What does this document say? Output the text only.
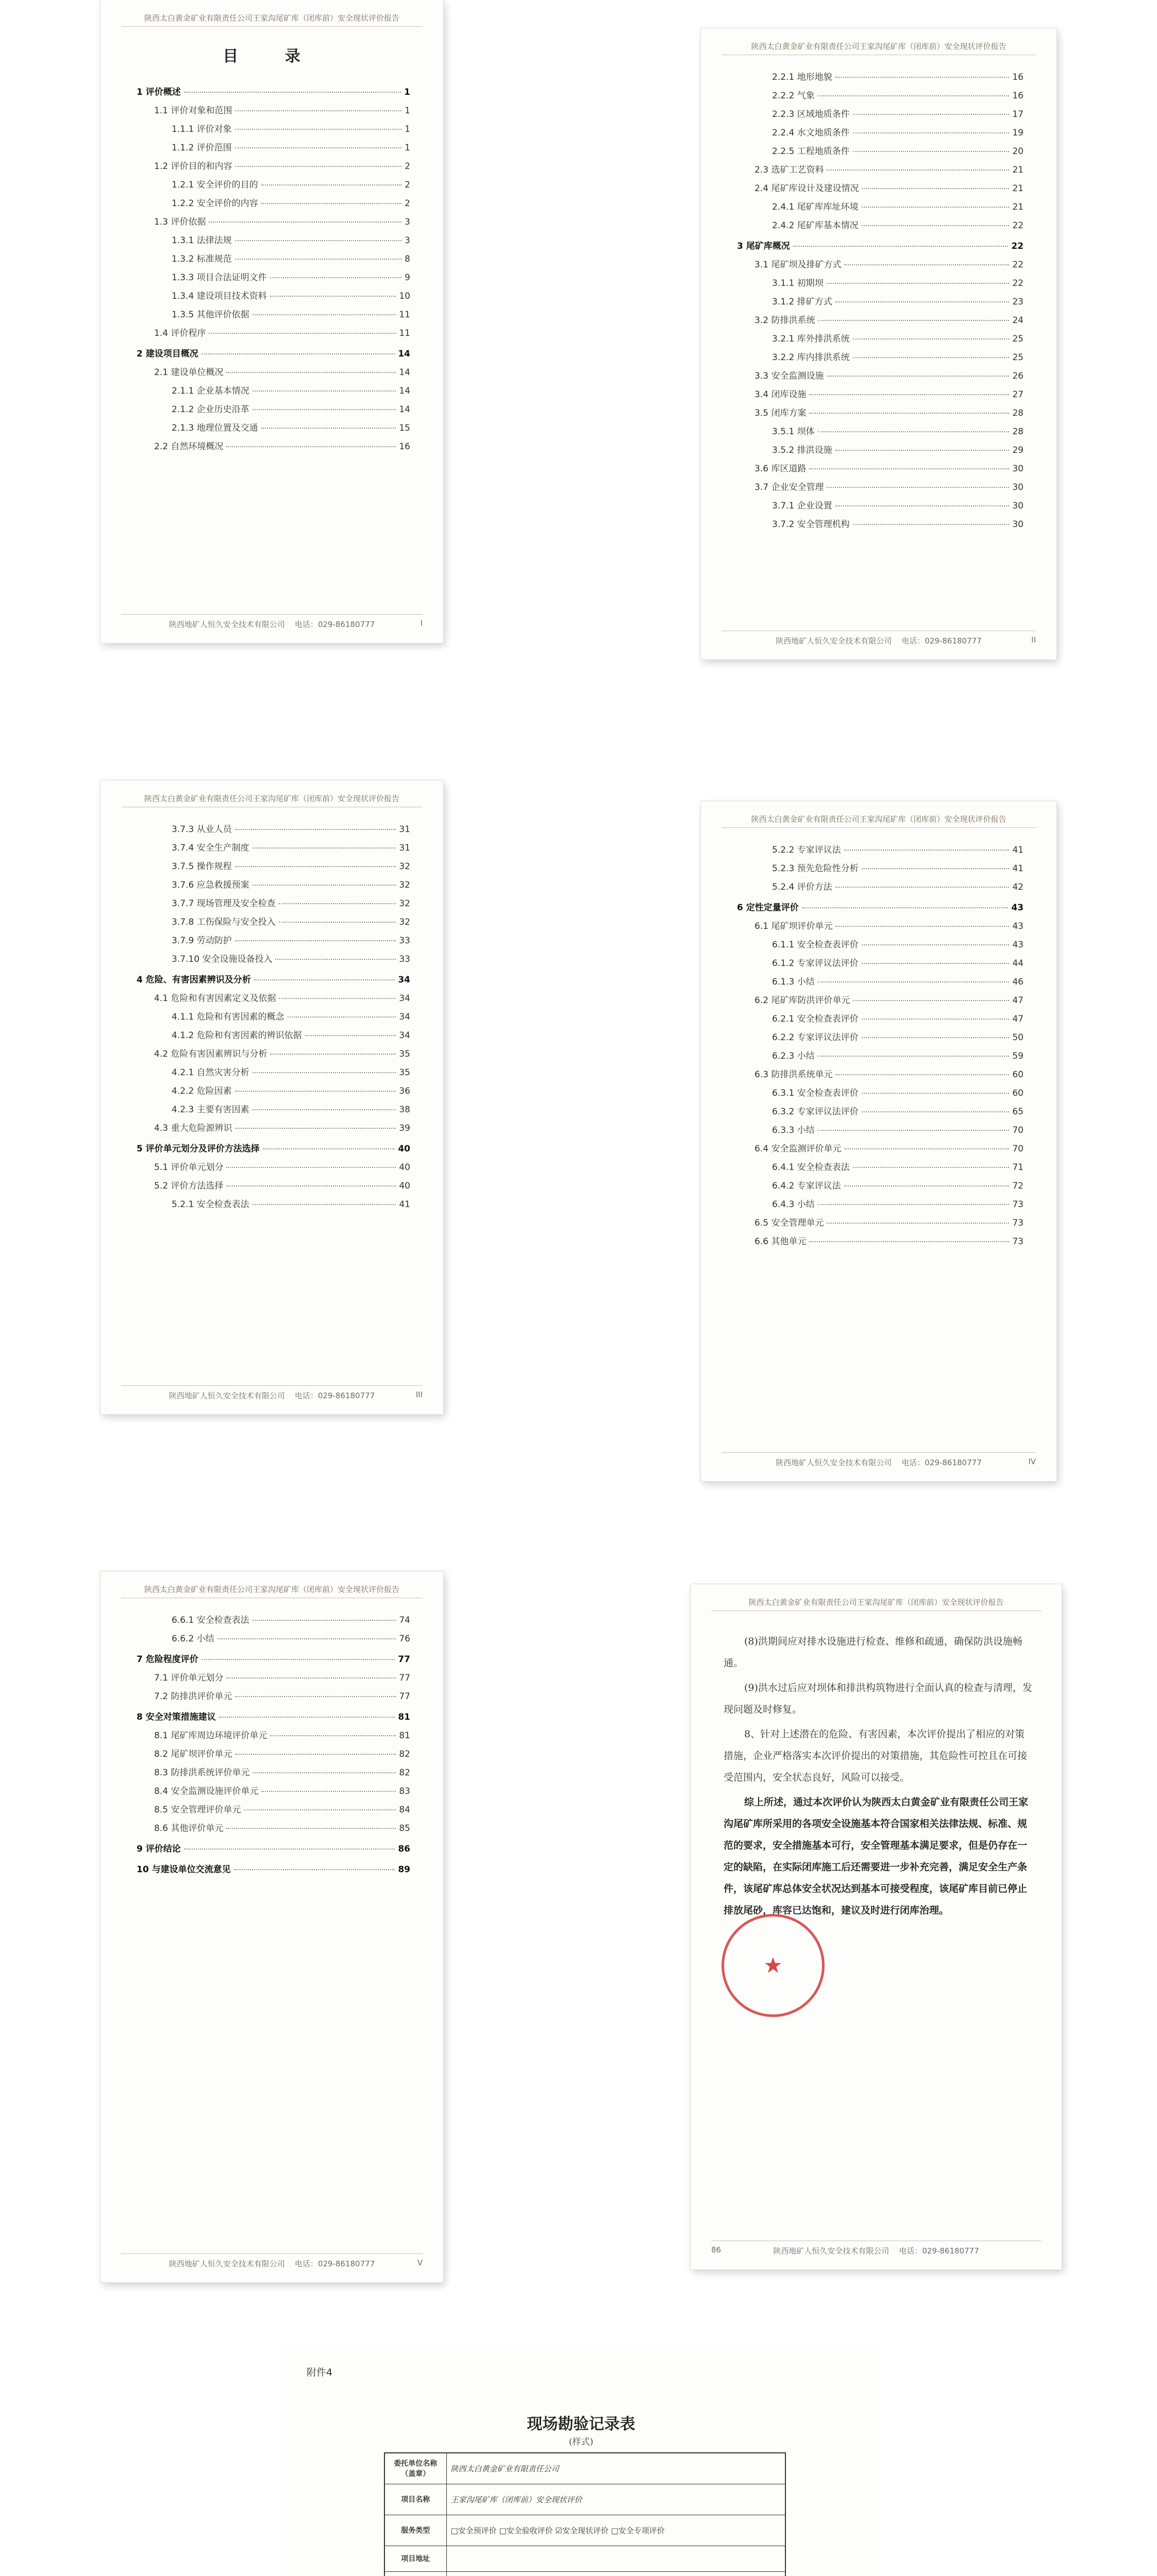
陕西太白黄金矿业有限责任公司王家沟尾矿库（闭库前）安全现状评价报告
目 录
1 评价概述	1
1.1 评价对象和范围	1
1.1.1 评价对象	1
1.1.2 评价范围	1
1.2 评价目的和内容	2
1.2.1 安全评价的目的	2
1.2.2 安全评价的内容	2
1.3 评价依据	3
1.3.1 法律法规	3
1.3.2 标准规范	8
1.3.3 项目合法证明文件	9
1.3.4 建设项目技术资料	10
1.3.5 其他评价依据	11
1.4 评价程序	11
2 建设项目概况	14
2.1 建设单位概况	14
2.1.1 企业基本情况	14
2.1.2 企业历史沿革	14
2.1.3 地理位置及交通	15
2.2 自然环境概况	16
陕西地矿人恒久安全技术有限公司 电话：029-86180777	I
陕西太白黄金矿业有限责任公司王家沟尾矿库（闭库前）安全现状评价报告
2.2.1 地形地貌	16
2.2.2 气象	16
2.2.3 区域地质条件	17
2.2.4 水文地质条件	19
2.2.5 工程地质条件	20
2.3 选矿工艺资料	21
2.4 尾矿库设计及建设情况	21
2.4.1 尾矿库库址环境	21
2.4.2 尾矿库基本情况	22
3 尾矿库概况	22
3.1 尾矿坝及排矿方式	22
3.1.1 初期坝	22
3.1.2 排矿方式	23
3.2 防排洪系统	24
3.2.1 库外排洪系统	25
3.2.2 库内排洪系统	25
3.3 安全监测设施	26
3.4 闭库设施	27
3.5 闭库方案	28
3.5.1 坝体	28
3.5.2 排洪设施	29
3.6 库区道路	30
3.7 企业安全管理	30
3.7.1 企业设置	30
3.7.2 安全管理机构	30
陕西地矿人恒久安全技术有限公司 电话：029-86180777	II
陕西太白黄金矿业有限责任公司王家沟尾矿库（闭库前）安全现状评价报告
3.7.3 从业人员	31
3.7.4 安全生产制度	31
3.7.5 操作规程	32
3.7.6 应急救援预案	32
3.7.7 现场管理及安全检查	32
3.7.8 工伤保险与安全投入	32
3.7.9 劳动防护	33
3.7.10 安全设施设备投入	33
4 危险、有害因素辨识及分析	34
4.1 危险和有害因素定义及依据	34
4.1.1 危险和有害因素的概念	34
4.1.2 危险和有害因素的辨识依据	34
4.2 危险有害因素辨识与分析	35
4.2.1 自然灾害分析	35
4.2.2 危险因素	36
4.2.3 主要有害因素	38
4.3 重大危险源辨识	39
5 评价单元划分及评价方法选择	40
5.1 评价单元划分	40
5.2 评价方法选择	40
5.2.1 安全检查表法	41
陕西地矿人恒久安全技术有限公司 电话：029-86180777	III
陕西太白黄金矿业有限责任公司王家沟尾矿库（闭库前）安全现状评价报告
5.2.2 专家评议法	41
5.2.3 预先危险性分析	41
5.2.4 评价方法	42
6 定性定量评价	43
6.1 尾矿坝评价单元	43
6.1.1 安全检查表评价	43
6.1.2 专家评议法评价	44
6.1.3 小结	46
6.2 尾矿库防洪评价单元	47
6.2.1 安全检查表评价	47
6.2.2 专家评议法评价	50
6.2.3 小结	59
6.3 防排洪系统单元	60
6.3.1 安全检查表评价	60
6.3.2 专家评议法评价	65
6.3.3 小结	70
6.4 安全监测评价单元	70
6.4.1 安全检查表法	71
6.4.2 专家评议法	72
6.4.3 小结	73
6.5 安全管理单元	73
6.6 其他单元	73
陕西地矿人恒久安全技术有限公司 电话：029-86180777	IV
陕西太白黄金矿业有限责任公司王家沟尾矿库（闭库前）安全现状评价报告
6.6.1 安全检查表法	74
6.6.2 小结	76
7 危险程度评价	77
7.1 评价单元划分	77
7.2 防排洪评价单元	77
8 安全对策措施建议	81
8.1 尾矿库周边环境评价单元	81
8.2 尾矿坝评价单元	82
8.3 防排洪系统评价单元	82
8.4 安全监测设施评价单元	83
8.5 安全管理评价单元	84
8.6 其他评价单元	85
9 评价结论	86
10 与建设单位交流意见	89
陕西地矿人恒久安全技术有限公司 电话：029-86180777	V
陕西太白黄金矿业有限责任公司王家沟尾矿库（闭库前）安全现状评价报告

(8)洪期间应对排水设施进行检查、维修和疏通，确保防洪设施畅通。

(9)洪水过后应对坝体和排洪构筑物进行全面认真的检查与清理，发现问题及时修复。

8、针对上述潜在的危险、有害因素，本次评价提出了相应的对策措施，企业严格落实本次评价提出的对策措施，其危险性可控且在可接受范围内，安全状态良好，风险可以接受。

综上所述，通过本次评价认为陕西太白黄金矿业有限责任公司王家沟尾矿库所采用的各项安全设施基本符合国家相关法律法规、标准、规范的要求，安全措施基本可行，安全管理基本满足要求，但是仍存在一定的缺陷，在实际闭库施工后还需要进一步补充完善，满足安全生产条件，该尾矿库总体安全状况达到基本可接受程度，该尾矿库目前已停止排放尾砂，库容已达饱和，建议及时进行闭库治理。

★
陕西地矿人恒久安全技术有限公司 电话：029-86180777
86
附件4
现场勘验记录表
(样式)
委托单位名称（盖章）	陕西太白黄金矿业有限责任公司
项目名称	王家沟尾矿库（闭库前）安全现状评价
服务类型	□安全预评价 □安全验收评价 ☑安全现状评价 □安全专项评价
项目地址	
